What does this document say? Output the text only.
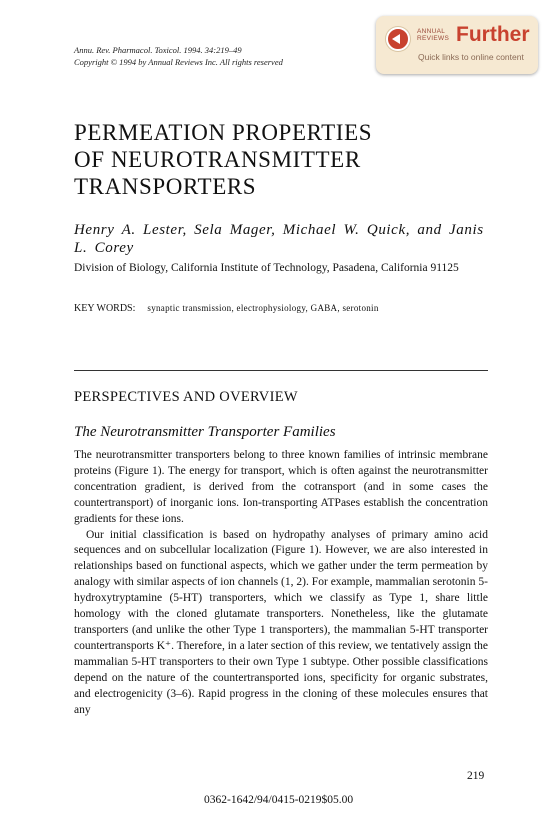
Annu. Rev. Pharmacol. Toxicol. 1994. 34:219–49
Copyright © 1994 by Annual Reviews Inc. All rights reserved
ANNUAL
REVIEWS Further
Quick links to online content
PERMEATION PROPERTIES
OF NEUROTRANSMITTER
TRANSPORTERS
Henry A. Lester, Sela Mager, Michael W. Quick, and Janis L. Corey
Division of Biology, California Institute of Technology, Pasadena, California 91125
KEY WORDS: synaptic transmission, electrophysiology, GABA, serotonin
PERSPECTIVES AND OVERVIEW
The Neurotransmitter Transporter Families

The neurotransmitter transporters belong to three known families of intrinsic membrane proteins (Figure 1). The energy for transport, which is often against the neurotransmitter concentration gradient, is derived from the cotransport (and in some cases the countertransport) of inorganic ions. Ion-transporting ATPases establish the concentration gradients for these ions.

Our initial classification is based on hydropathy analyses of primary amino acid sequences and on subcellular localization (Figure 1). However, we are also interested in relationships based on functional aspects, which we gather under the term permeation by analogy with similar aspects of ion channels (1, 2). For example, mammalian serotonin 5-hydroxytryptamine (5-HT) transporters, which we classify as Type 1, share little homology with the cloned glutamate transporters. Nonetheless, like the glutamate transporters (and unlike the other Type 1 transporters), the mammalian 5-HT transporter countertransports K⁺. Therefore, in a later section of this review, we tentatively assign the mammalian 5-HT transporters to their own Type 1 subtype. Other possible classifications depend on the nature of the countertransported ions, specificity for organic substrates, and electrogenicity (3–6). Rapid progress in the cloning of these molecules ensures that any

219
0362-1642/94/0415-0219$05.00
